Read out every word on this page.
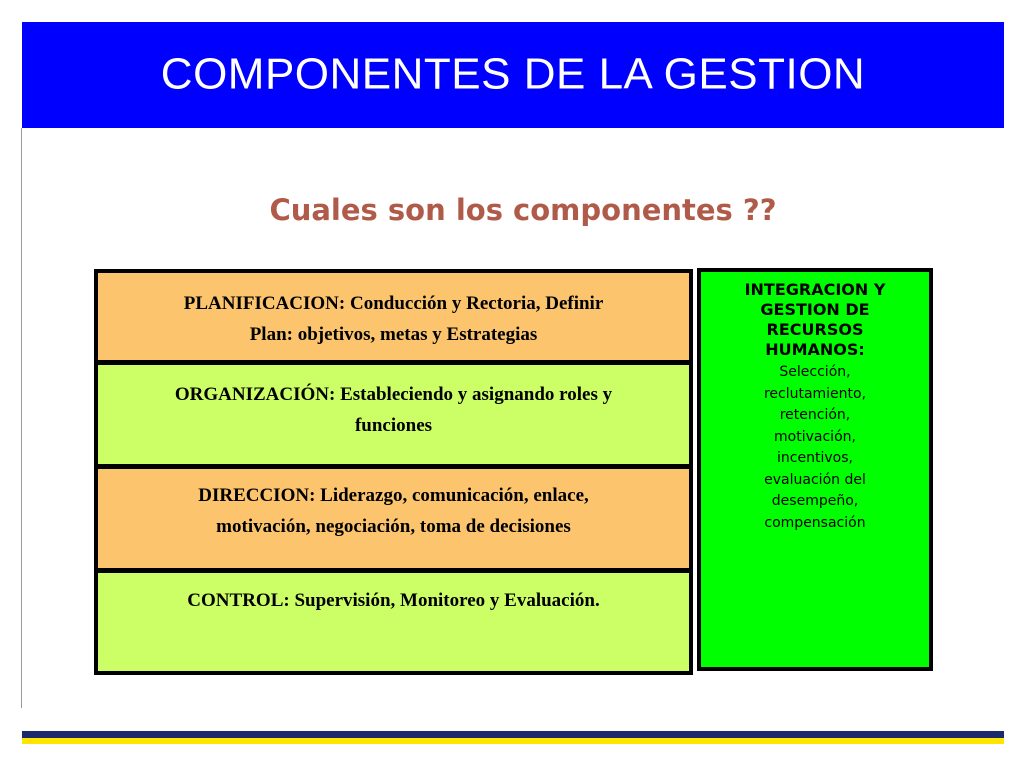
COMPONENTES DE LA GESTION
Cuales son los componentes ??

PLANIFICACION: Conducción y Rectoria, Definir

Plan: objetivos, metas y Estrategias

ORGANIZACIÓN: Estableciendo y asignando roles y

funciones

DIRECCION: Liderazgo, comunicación, enlace,

motivación, negociación, toma de decisiones

CONTROL: Supervisión, Monitoreo y Evaluación.

INTEGRACION Y
GESTION DE
RECURSOS
HUMANOS:
Selección,
reclutamiento,
retención,
motivación,
incentivos,
evaluación del
desempeño,
compensación
